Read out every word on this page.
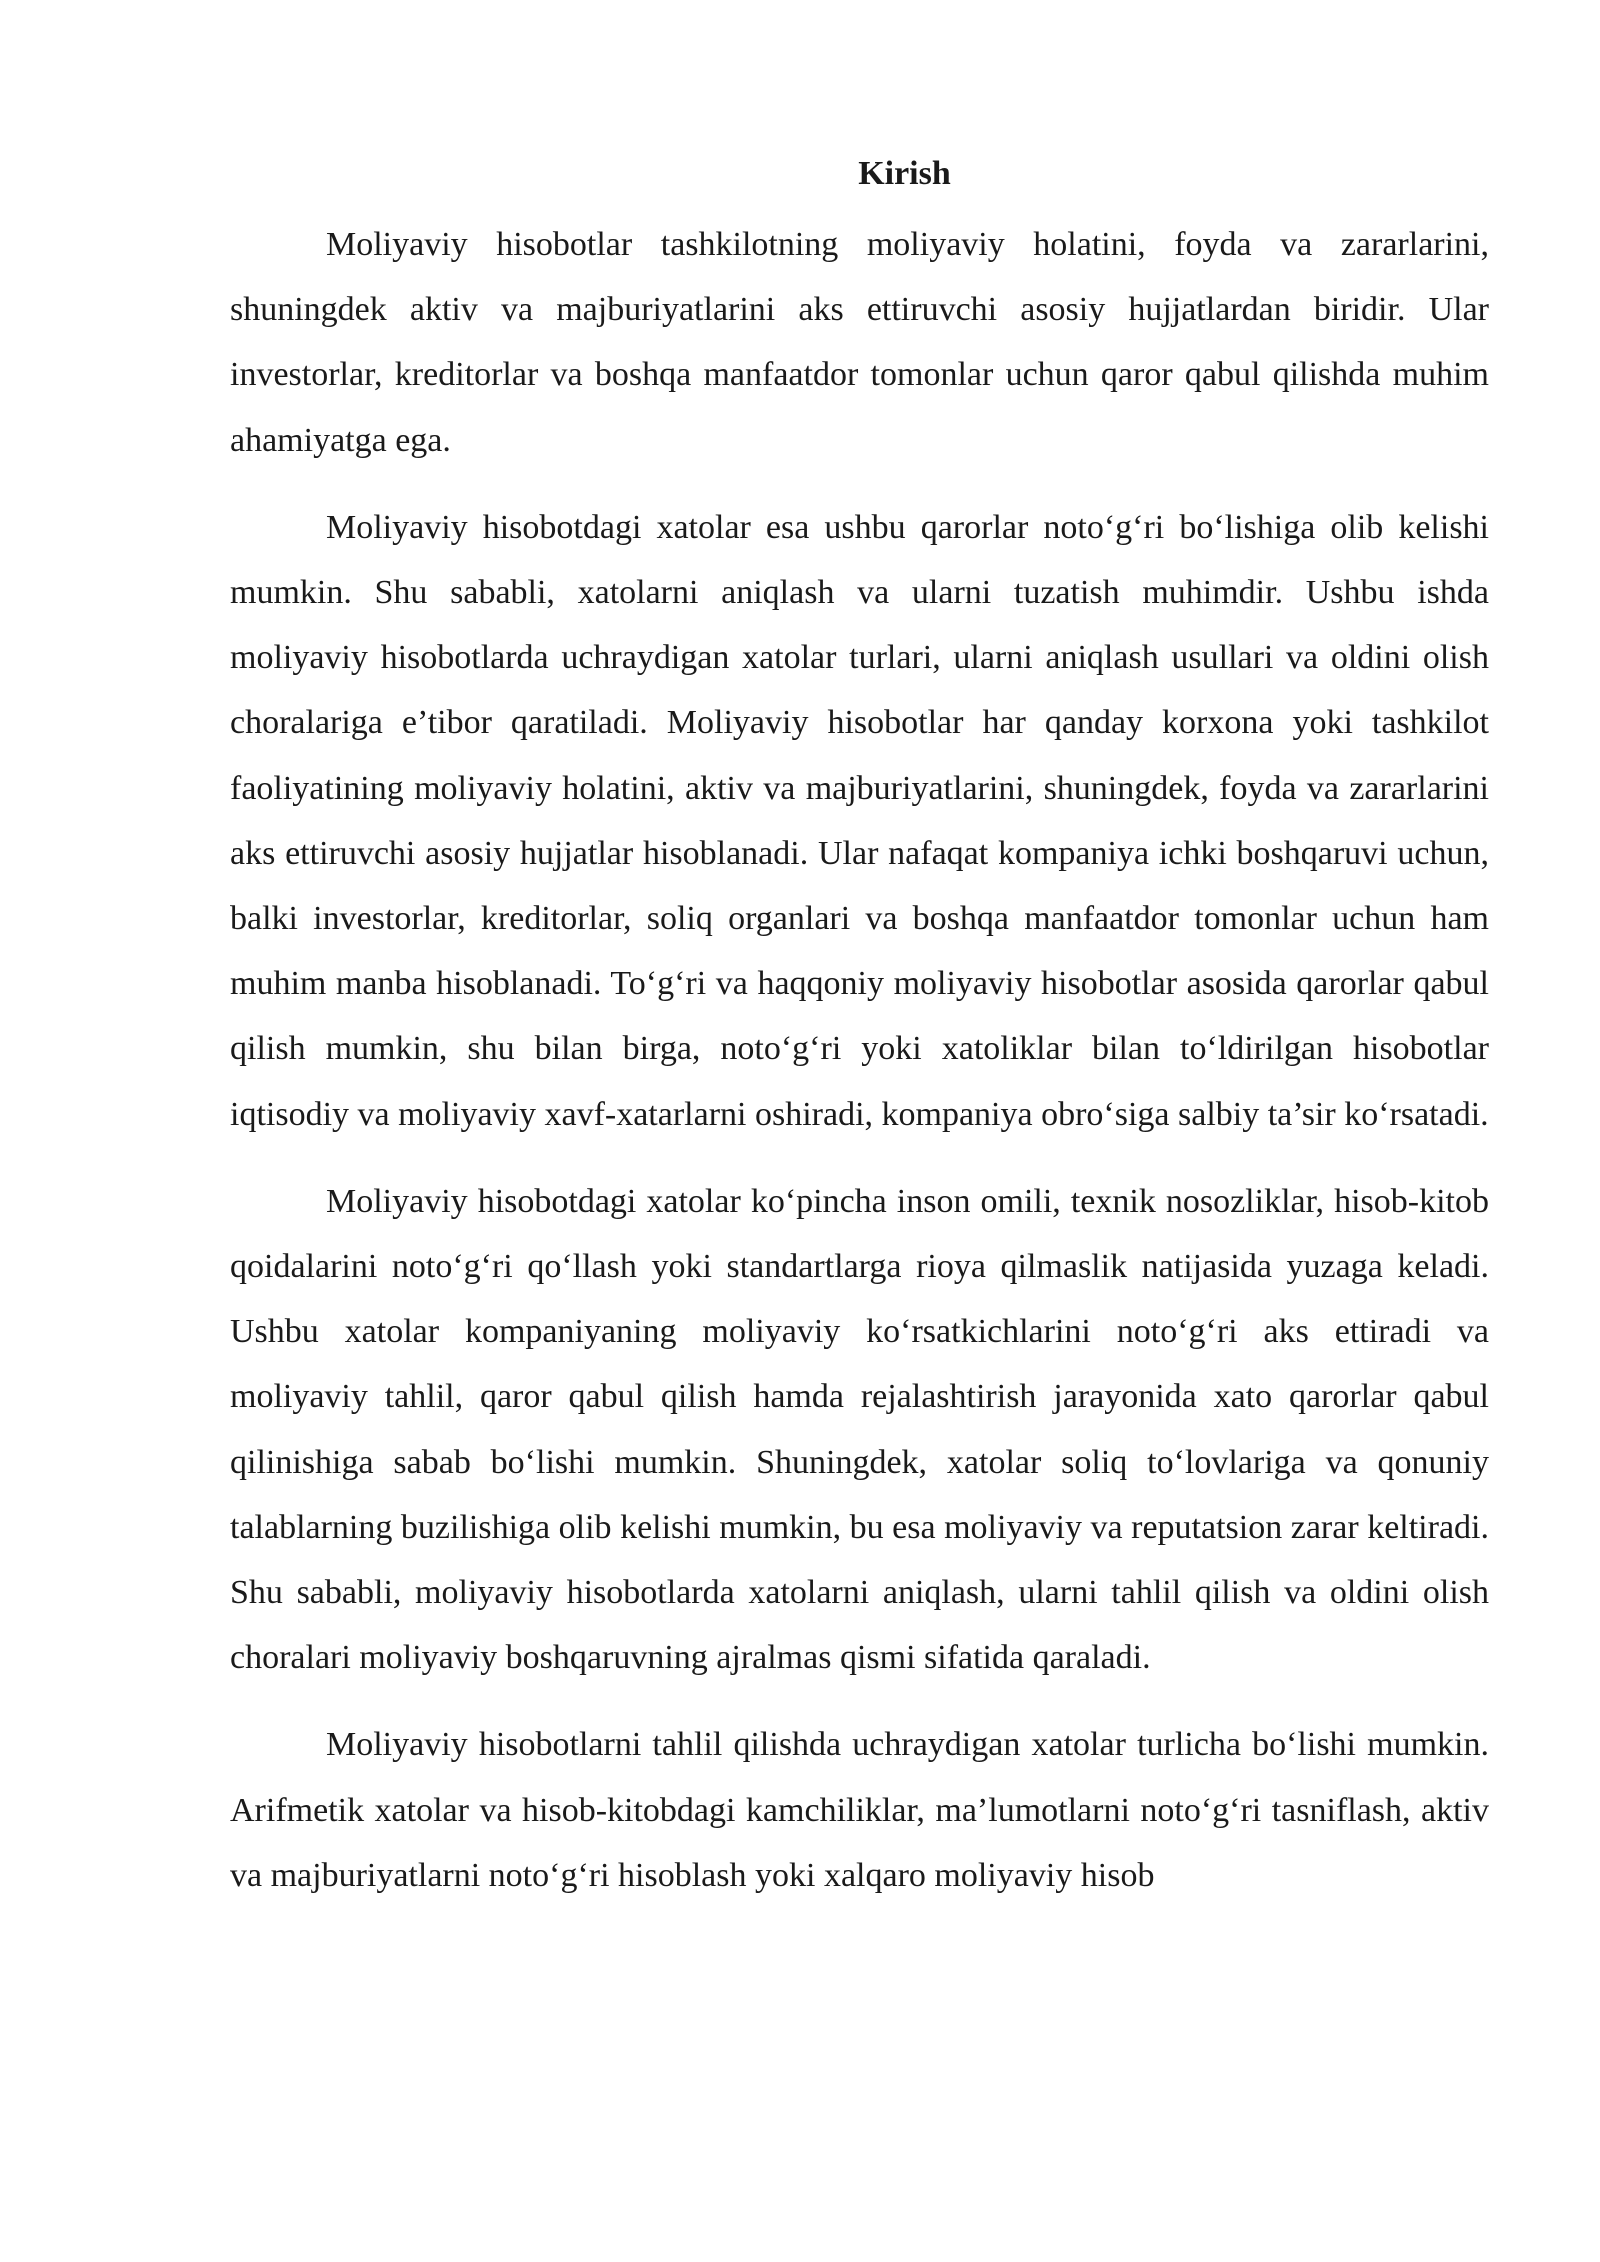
Kirish

Moliyaviy hisobotlar tashkilotning moliyaviy holatini, foyda va zararlarini, shuningdek aktiv va majburiyatlarini aks ettiruvchi asosiy hujjatlardan biridir. Ular investorlar, kreditorlar va boshqa manfaatdor tomonlar uchun qaror qabul qilishda muhim ahamiyatga ega.

Moliyaviy hisobotdagi xatolar esa ushbu qarorlar noto‘g‘ri bo‘lishiga olib kelishi mumkin. Shu sababli, xatolarni aniqlash va ularni tuzatish muhimdir. Ushbu ishda moliyaviy hisobotlarda uchraydigan xatolar turlari, ularni aniqlash usullari va oldini olish choralariga e’tibor qaratiladi. Moliyaviy hisobotlar har qanday korxona yoki tashkilot faoliyatining moliyaviy holatini, aktiv va majburiyatlarini, shuningdek, foyda va zararlarini aks ettiruvchi asosiy hujjatlar hisoblanadi. Ular nafaqat kompaniya ichki boshqaruvi uchun, balki investorlar, kreditorlar, soliq organlari va boshqa manfaatdor tomonlar uchun ham muhim manba hisoblanadi. To‘g‘ri va haqqoniy moliyaviy hisobotlar asosida qarorlar qabul qilish mumkin, shu bilan birga, noto‘g‘ri yoki xatoliklar bilan to‘ldirilgan hisobotlar iqtisodiy va moliyaviy xavf-xatarlarni oshiradi, kompaniya obro‘siga salbiy ta’sir ko‘rsatadi.

Moliyaviy hisobotdagi xatolar ko‘pincha inson omili, texnik nosozliklar, hisob-kitob qoidalarini noto‘g‘ri qo‘llash yoki standartlarga rioya qilmaslik natijasida yuzaga keladi. Ushbu xatolar kompaniyaning moliyaviy ko‘rsatkichlarini noto‘g‘ri aks ettiradi va moliyaviy tahlil, qaror qabul qilish hamda rejalashtirish jarayonida xato qarorlar qabul qilinishiga sabab bo‘lishi mumkin. Shuningdek, xatolar soliq to‘lovlariga va qonuniy talablarning buzilishiga olib kelishi mumkin, bu esa moliyaviy va reputatsion zarar keltiradi. Shu sababli, moliyaviy hisobotlarda xatolarni aniqlash, ularni tahlil qilish va oldini olish choralari moliyaviy boshqaruvning ajralmas qismi sifatida qaraladi.

Moliyaviy hisobotlarni tahlil qilishda uchraydigan xatolar turlicha bo‘lishi mumkin. Arifmetik xatolar va hisob-kitobdagi kamchiliklar, ma’lumotlarni noto‘g‘ri tasniflash, aktiv va majburiyatlarni noto‘g‘ri hisoblash yoki xalqaro moliyaviy hisob
